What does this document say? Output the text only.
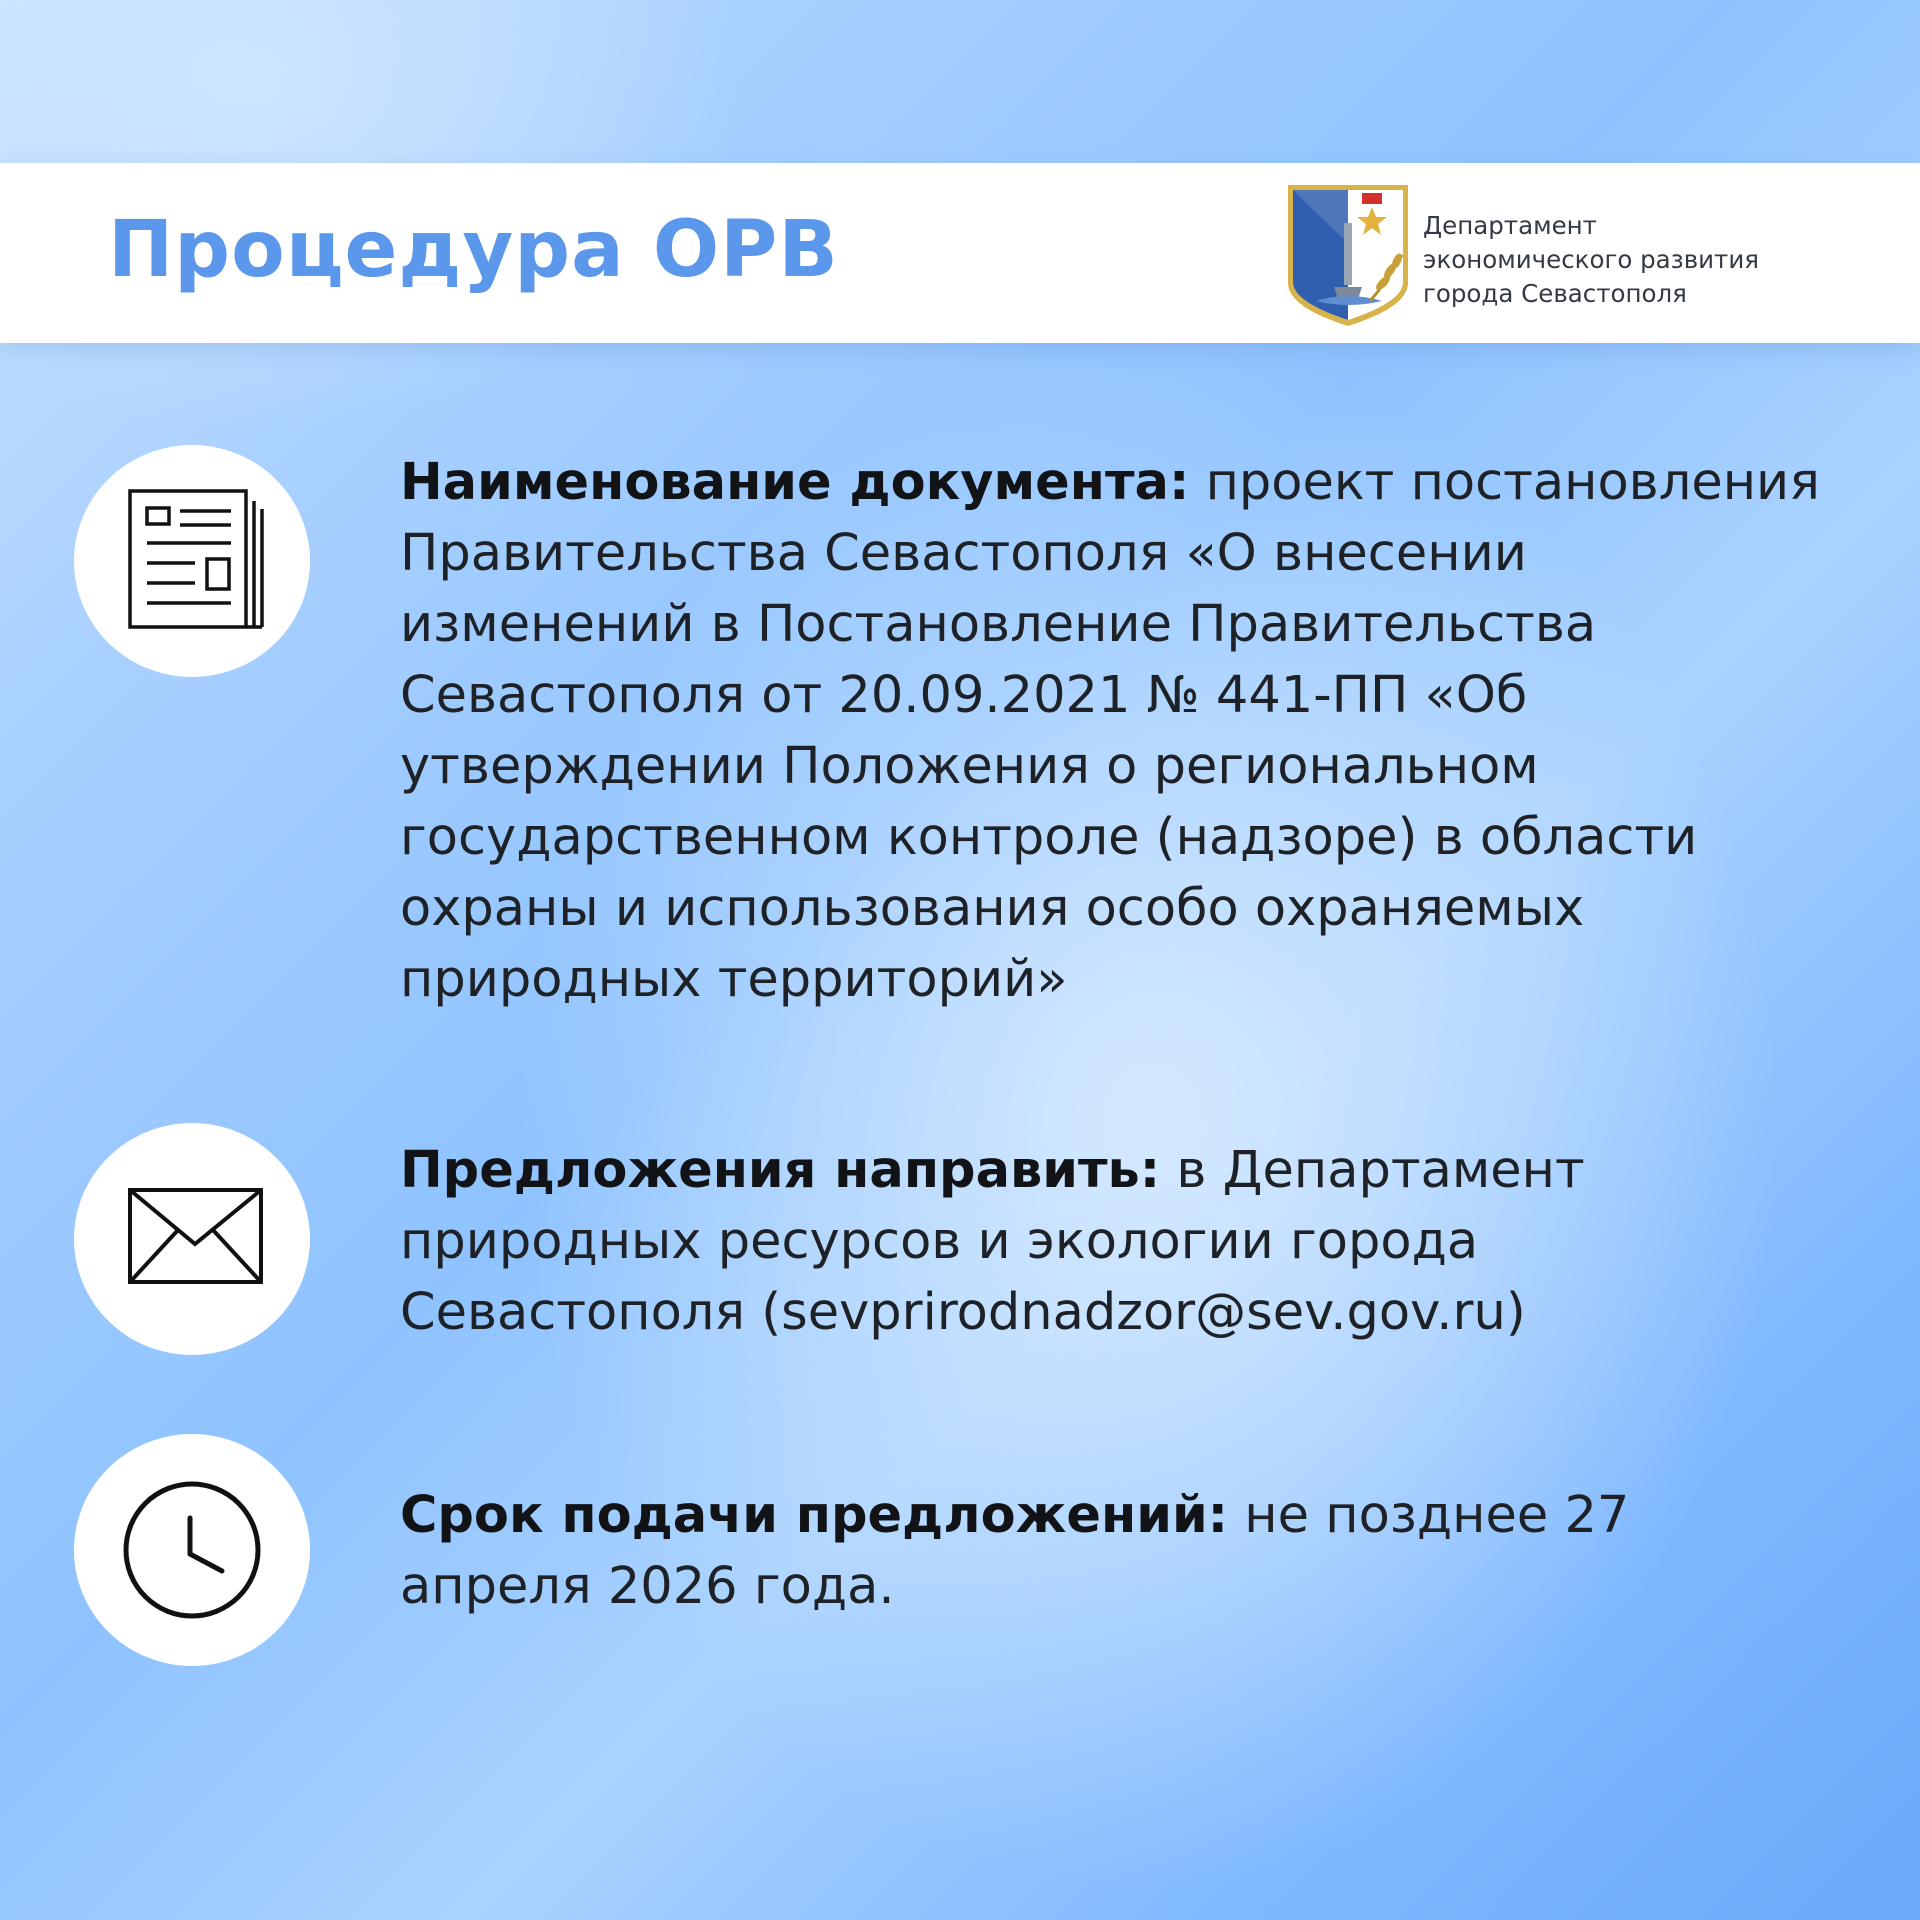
Процедура ОРВ	Департамент
экономического развития
города Севастополя
Наименование документа: проект постановления Правительства Севастополя «О внесении изменений в Постановление Правительства Севастополя от 20.09.2021 № 441-ПП «Об утверждении Положения о региональном государственном контроле (надзоре) в области охраны и использования особо охраняемых природных территорий»
Предложения направить: в Департамент природных ресурсов и экологии города Севастополя (sevprirodnadzor@sev.gov.ru)
Срок подачи предложений: не позднее 27 апреля 2026 года.
